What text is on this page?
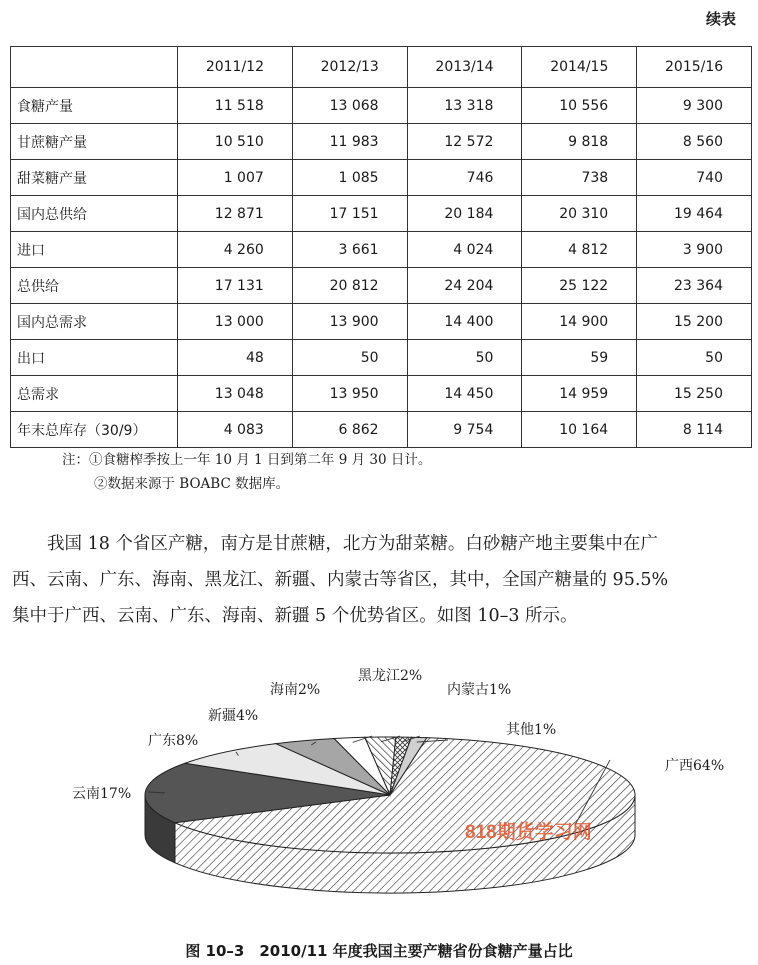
续表
	2011/12	2012/13	2013/14	2014/15	2015/16
食糖产量	11 518	13 068	13 318	10 556	9 300
甘蔗糖产量	10 510	11 983	12 572	9 818	8 560
甜菜糖产量	1 007	1 085	746	738	740
国内总供给	12 871	17 151	20 184	20 310	19 464
进口	4 260	3 661	4 024	4 812	3 900
总供给	17 131	20 812	24 204	25 122	23 364
国内总需求	13 000	13 900	14 400	14 900	15 200
出口	48	50	50	59	50
总需求	13 048	13 950	14 450	14 959	15 250
年末总库存（30/9）	4 083	6 862	9 754	10 164	8 114
注：①食糖榨季按上一年 10 月 1 日到第二年 9 月 30 日计。
②数据来源于 BOABC 数据库。
我国 18 个省区产糖，南方是甘蔗糖，北方为甜菜糖。白砂糖产地主要集中在广
西、云南、广东、海南、黑龙江、新疆、内蒙古等省区，其中，全国产糖量的 95.5%
集中于广西、云南、广东、海南、新疆 5 个优势省区。如图 10–3 所示。
广西64%
云南17%
广东8%
新疆4%
海南2%
黑龙江2%
内蒙古1%
其他1%
818期货学习网
图 10–3　2010/11 年度我国主要产糖省份食糖产量占比
